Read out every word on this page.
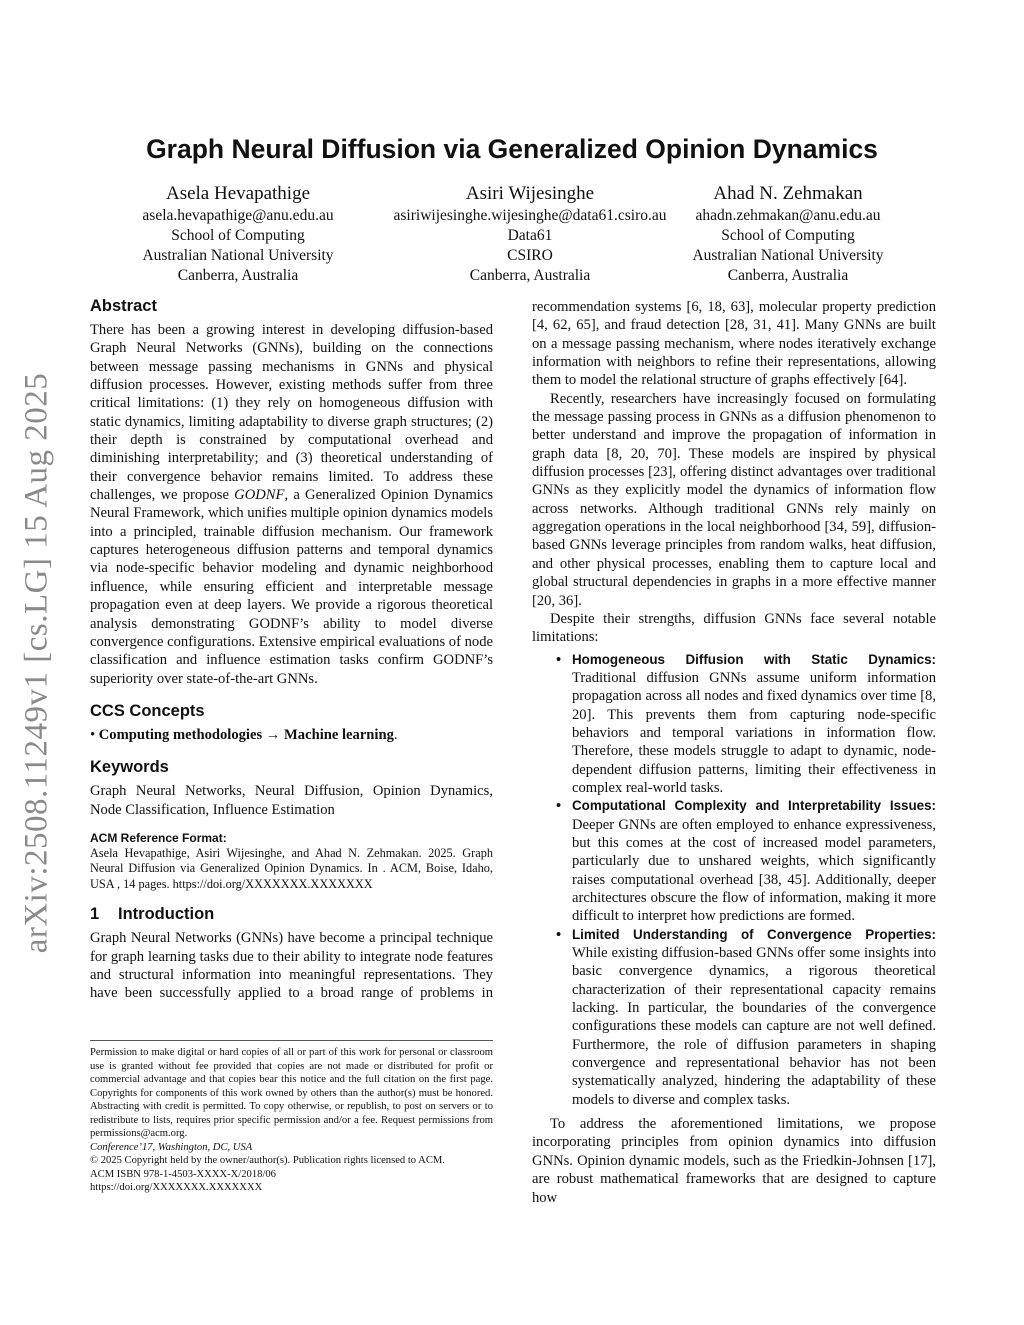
arXiv:2508.11249v1 [cs.LG] 15 Aug 2025
Graph Neural Diffusion via Generalized Opinion Dynamics
Asela Hevapathige
asela.hevapathige@anu.edu.au
School of Computing
Australian National University
Canberra, Australia
Asiri Wijesinghe
asiriwijesinghe.wijesinghe@data61.csiro.au
Data61
CSIRO
Canberra, Australia
Ahad N. Zehmakan
ahadn.zehmakan@anu.edu.au
School of Computing
Australian National University
Canberra, Australia
Abstract

There has been a growing interest in developing diffusion-based Graph Neural Networks (GNNs), building on the connections between message passing mechanisms in GNNs and physical diffusion processes. However, existing methods suffer from three critical limitations: (1) they rely on homogeneous diffusion with static dynamics, limiting adaptability to diverse graph structures; (2) their depth is constrained by computational overhead and diminishing interpretability; and (3) theoretical understanding of their convergence behavior remains limited. To address these challenges, we propose GODNF, a Generalized Opinion Dynamics Neural Framework, which unifies multiple opinion dynamics models into a principled, trainable diffusion mechanism. Our framework captures heterogeneous diffusion patterns and temporal dynamics via node-specific behavior modeling and dynamic neighborhood influence, while ensuring efficient and interpretable message propagation even at deep layers. We provide a rigorous theoretical analysis demonstrating GODNF’s ability to model diverse convergence configurations. Extensive empirical evaluations of node classification and influence estimation tasks confirm GODNF’s superiority over state-of-the-art GNNs.

CCS Concepts

• Computing methodologies → Machine learning.

Keywords

Graph Neural Networks, Neural Diffusion, Opinion Dynamics, Node Classification, Influence Estimation

ACM Reference Format:

Asela Hevapathige, Asiri Wijesinghe, and Ahad N. Zehmakan. 2025. Graph Neural Diffusion via Generalized Opinion Dynamics. In . ACM, Boise, Idaho, USA , 14 pages. https://doi.org/XXXXXXX.XXXXXXX

1 Introduction

Graph Neural Networks (GNNs) have become a principal technique for graph learning tasks due to their ability to integrate node features and structural information into meaningful representations. They have been successfully applied to a broad range of problems in

Permission to make digital or hard copies of all or part of this work for personal or classroom use is granted without fee provided that copies are not made or distributed for profit or commercial advantage and that copies bear this notice and the full citation on the first page. Copyrights for components of this work owned by others than the author(s) must be honored. Abstracting with credit is permitted. To copy otherwise, or republish, to post on servers or to redistribute to lists, requires prior specific permission and/or a fee. Request permissions from permissions@acm.org.

Conference’17, Washington, DC, USA

© 2025 Copyright held by the owner/author(s). Publication rights licensed to ACM.

ACM ISBN 978-1-4503-XXXX-X/2018/06

https://doi.org/XXXXXXX.XXXXXXX

recommendation systems [6, 18, 63], molecular property prediction [4, 62, 65], and fraud detection [28, 31, 41]. Many GNNs are built on a message passing mechanism, where nodes iteratively exchange information with neighbors to refine their representations, allowing them to model the relational structure of graphs effectively [64].

Recently, researchers have increasingly focused on formulating the message passing process in GNNs as a diffusion phenomenon to better understand and improve the propagation of information in graph data [8, 20, 70]. These models are inspired by physical diffusion processes [23], offering distinct advantages over traditional GNNs as they explicitly model the dynamics of information flow across networks. Although traditional GNNs rely mainly on aggregation operations in the local neighborhood [34, 59], diffusion-based GNNs leverage principles from random walks, heat diffusion, and other physical processes, enabling them to capture local and global structural dependencies in graphs in a more effective manner [20, 36].

Despite their strengths, diffusion GNNs face several notable limitations:

• Homogeneous Diffusion with Static Dynamics: Traditional diffusion GNNs assume uniform information propagation across all nodes and fixed dynamics over time [8, 20]. This prevents them from capturing node-specific behaviors and temporal variations in information flow. Therefore, these models struggle to adapt to dynamic, node-dependent diffusion patterns, limiting their effectiveness in complex real-world tasks.
• Computational Complexity and Interpretability Issues: Deeper GNNs are often employed to enhance expressiveness, but this comes at the cost of increased model parameters, particularly due to unshared weights, which significantly raises computational overhead [38, 45]. Additionally, deeper architectures obscure the flow of information, making it more difficult to interpret how predictions are formed.
• Limited Understanding of Convergence Properties: While existing diffusion-based GNNs offer some insights into basic convergence dynamics, a rigorous theoretical characterization of their representational capacity remains lacking. In particular, the boundaries of the convergence configurations these models can capture are not well defined. Furthermore, the role of diffusion parameters in shaping convergence and representational behavior has not been systematically analyzed, hindering the adaptability of these models to diverse and complex tasks.

To address the aforementioned limitations, we propose incorporating principles from opinion dynamics into diffusion GNNs. Opinion dynamic models, such as the Friedkin-Johnsen [17], are robust mathematical frameworks that are designed to capture how
